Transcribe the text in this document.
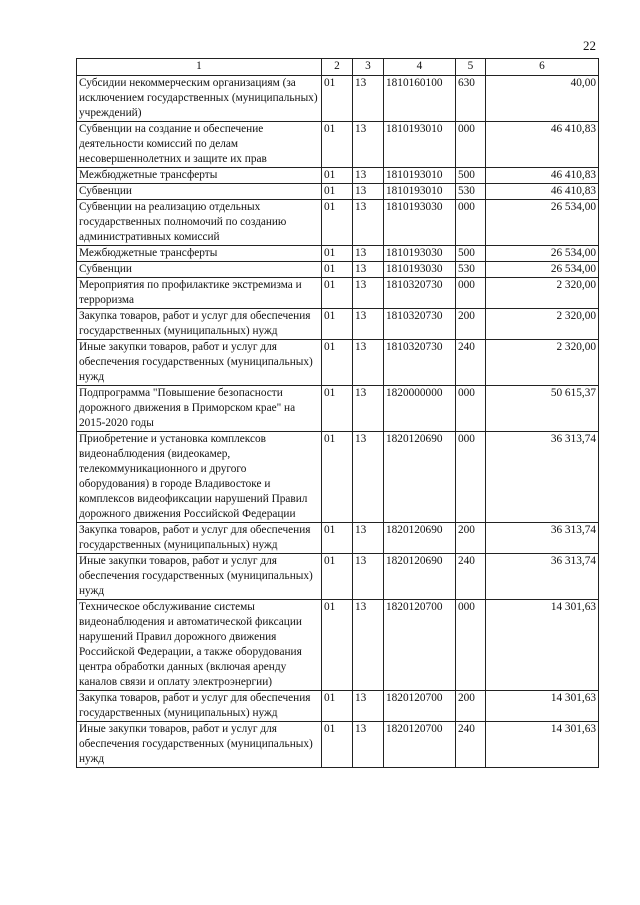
22
1	2	3	4	5	6
Субсидии некоммерческим организациям (за исключением государственных (муниципальных) учреждений)	01	13	1810160100	630	40,00
Субвенции на создание и обеспечение деятельности комиссий по делам несовершеннолетних и защите их прав	01	13	1810193010	000	46 410,83
Межбюджетные трансферты	01	13	1810193010	500	46 410,83
Субвенции	01	13	1810193010	530	46 410,83
Субвенции на реализацию отдельных государственных полномочий по созданию административных комиссий	01	13	1810193030	000	26 534,00
Межбюджетные трансферты	01	13	1810193030	500	26 534,00
Субвенции	01	13	1810193030	530	26 534,00
Мероприятия по профилактике экстремизма и терроризма	01	13	1810320730	000	2 320,00
Закупка товаров, работ и услуг для обеспечения государственных (муниципальных) нужд	01	13	1810320730	200	2 320,00
Иные закупки товаров, работ и услуг для обеспечения государственных (муниципальных) нужд	01	13	1810320730	240	2 320,00
Подпрограмма "Повышение безопасности дорожного движения в Приморском крае" на 2015-2020 годы	01	13	1820000000	000	50 615,37
Приобретение и установка комплексов видеонаблюдения (видеокамер, телекоммуникационного и другого оборудования) в городе Владивостоке и комплексов видеофиксации нарушений Правил дорожного движения Российской Федерации	01	13	1820120690	000	36 313,74
Закупка товаров, работ и услуг для обеспечения государственных (муниципальных) нужд	01	13	1820120690	200	36 313,74
Иные закупки товаров, работ и услуг для обеспечения государственных (муниципальных) нужд	01	13	1820120690	240	36 313,74
Техническое обслуживание системы видеонаблюдения и автоматической фиксации нарушений Правил дорожного движения Российской Федерации, а также оборудования центра обработки данных (включая аренду каналов связи и оплату электроэнергии)	01	13	1820120700	000	14 301,63
Закупка товаров, работ и услуг для обеспечения государственных (муниципальных) нужд	01	13	1820120700	200	14 301,63
Иные закупки товаров, работ и услуг для обеспечения государственных (муниципальных) нужд	01	13	1820120700	240	14 301,63
